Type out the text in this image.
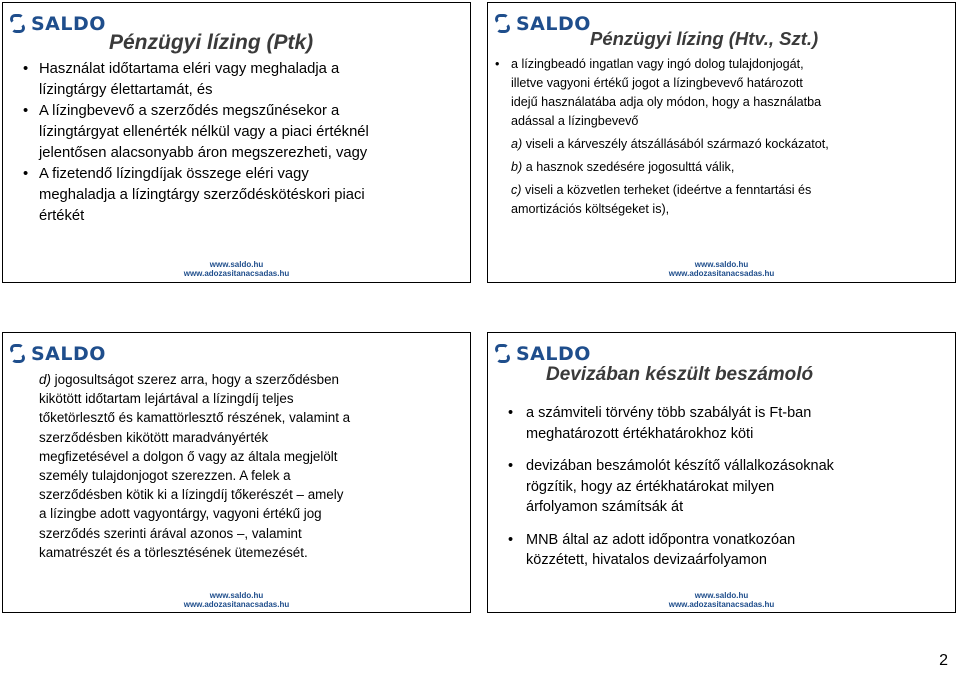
SALDO
Pénzügyi lízing (Ptk)
• Használat időtartama eléri vagy meghaladja a lízingtárgy élettartamát, és
• A lízingbevevő a szerződés megszűnésekor a lízingtárgyat ellenérték nélkül vagy a piaci értéknél jelentősen alacsonyabb áron megszerezheti, vagy
• A fizetendő lízingdíjak összege eléri vagy meghaladja a lízingtárgy szerződéskötéskori piaci értékét
www.saldo.hu
www.adozasitanacsadas.hu
SALDO
Pénzügyi lízing (Htv., Szt.)
• a lízingbeadó ingatlan vagy ingó dolog tulajdonjogát, illetve vagyoni értékű jogot a lízingbevevő határozott idejű használatába adja oly módon, hogy a használatba adással a lízingbevevő
a) viseli a kárveszély átszállásából származó kockázatot,
b) a hasznok szedésére jogosulttá válik,
c) viseli a közvetlen terheket (ideértve a fenntartási és amortizációs költségeket is),
www.saldo.hu
www.adozasitanacsadas.hu
SALDO

d) jogosultságot szerez arra, hogy a szerződésben kikötött időtartam lejártával a lízingdíj teljes tőketörlesztő és kamattörlesztő részének, valamint a szerződésben kikötött maradványérték megfizetésével a dolgon ő vagy az általa megjelölt személy tulajdonjogot szerezzen. A felek a szerződésben kötik ki a lízingdíj tőkerészét – amely a lízingbe adott vagyontárgy, vagyoni értékű jog szerződés szerinti árával azonos –, valamint kamatrészét és a törlesztésének ütemezését.

www.saldo.hu
www.adozasitanacsadas.hu
SALDO
Devizában készült beszámoló
• a számviteli törvény több szabályát is Ft-ban meghatározott értékhatárokhoz köti
• devizában beszámolót készítő vállalkozásoknak rögzítik, hogy az értékhatárokat milyen árfolyamon számítsák át
• MNB által az adott időpontra vonatkozóan közzétett, hivatalos devizaárfolyamon
www.saldo.hu
www.adozasitanacsadas.hu
2
